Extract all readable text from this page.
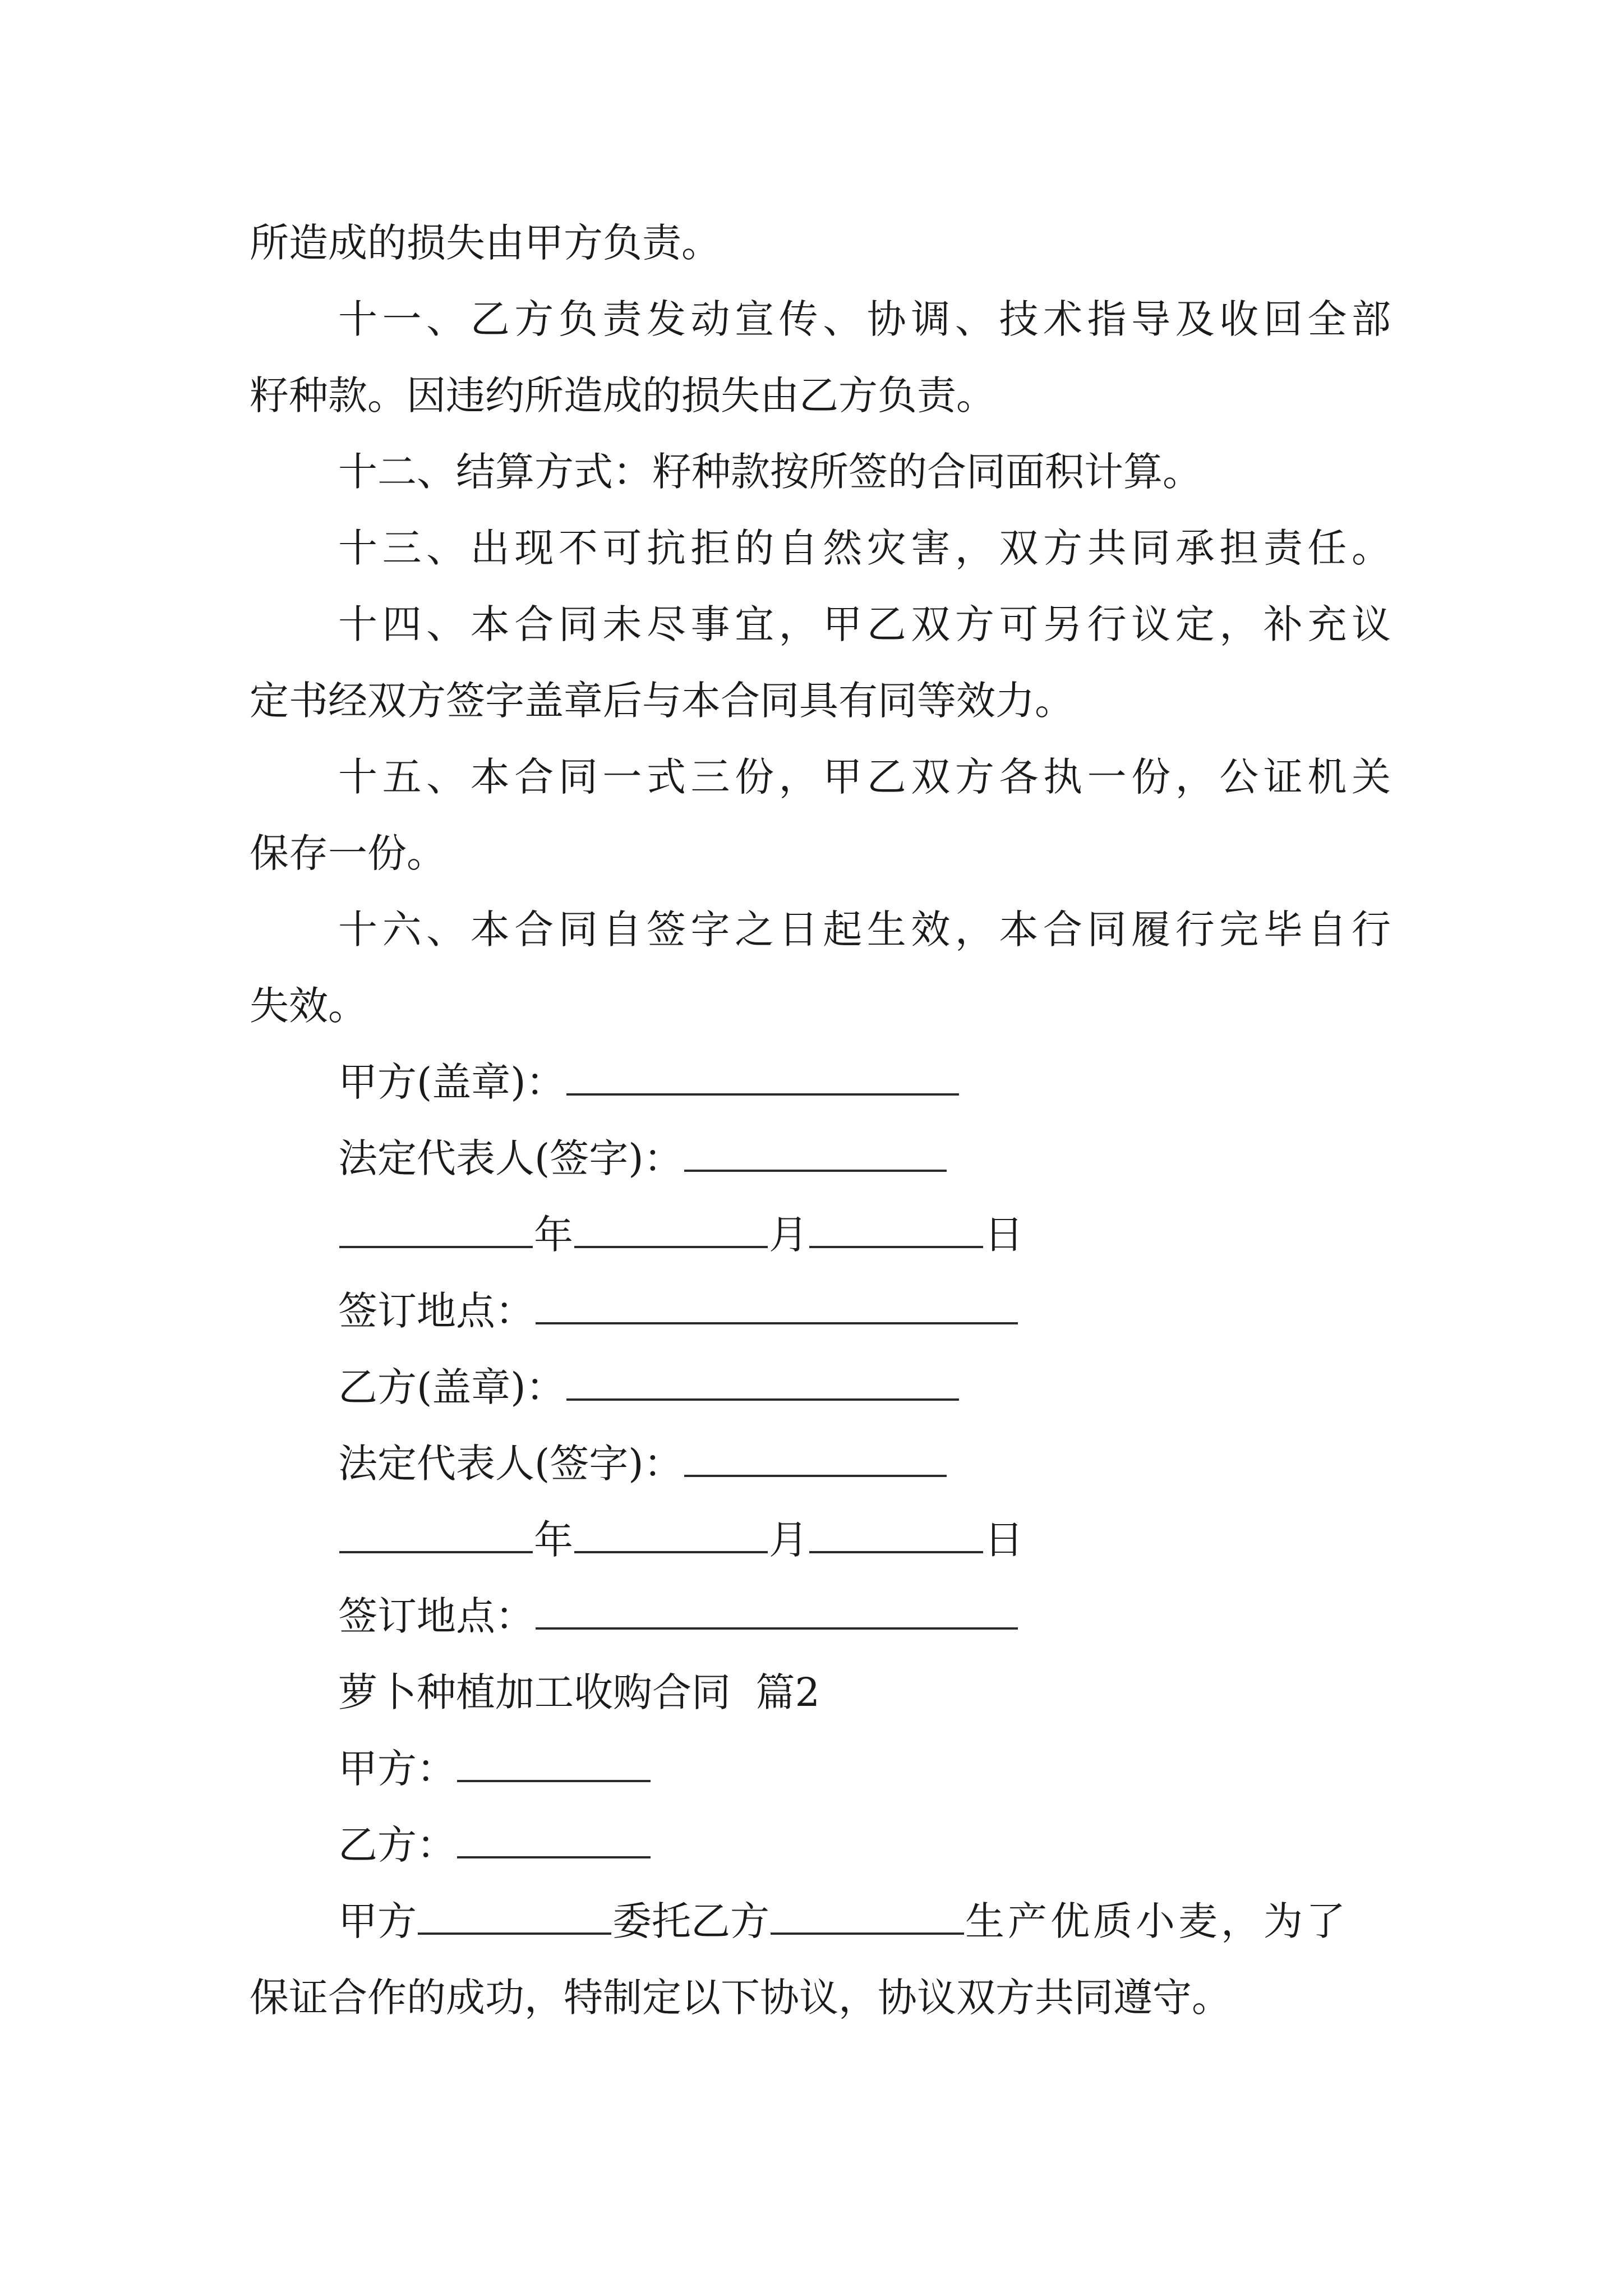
所造成的损失由甲方负责。
十一、乙方负责发动宣传、协调、技术指导及收回全部
籽种款。因违约所造成的损失由乙方负责。
十二、结算方式：籽种款按所签的合同面积计算。
十三、出现不可抗拒的自然灾害，双方共同承担责任。
十四、本合同未尽事宜，甲乙双方可另行议定，补充议
定书经双方签字盖章后与本合同具有同等效力。
十五、本合同一式三份，甲乙双方各执一份，公证机关
保存一份。
十六、本合同自签字之日起生效，本合同履行完毕自行
失效。
甲方(盖章)：
法定代表人(签字)：
年	月	日
签订地点：
乙方(盖章)：
法定代表人(签字)：
年	月	日
签订地点：
萝卜种植加工收购合同  篇2
甲方：
乙方：
甲方	委托乙方	生产优质小麦，为了
保证合作的成功，特制定以下协议，协议双方共同遵守。
